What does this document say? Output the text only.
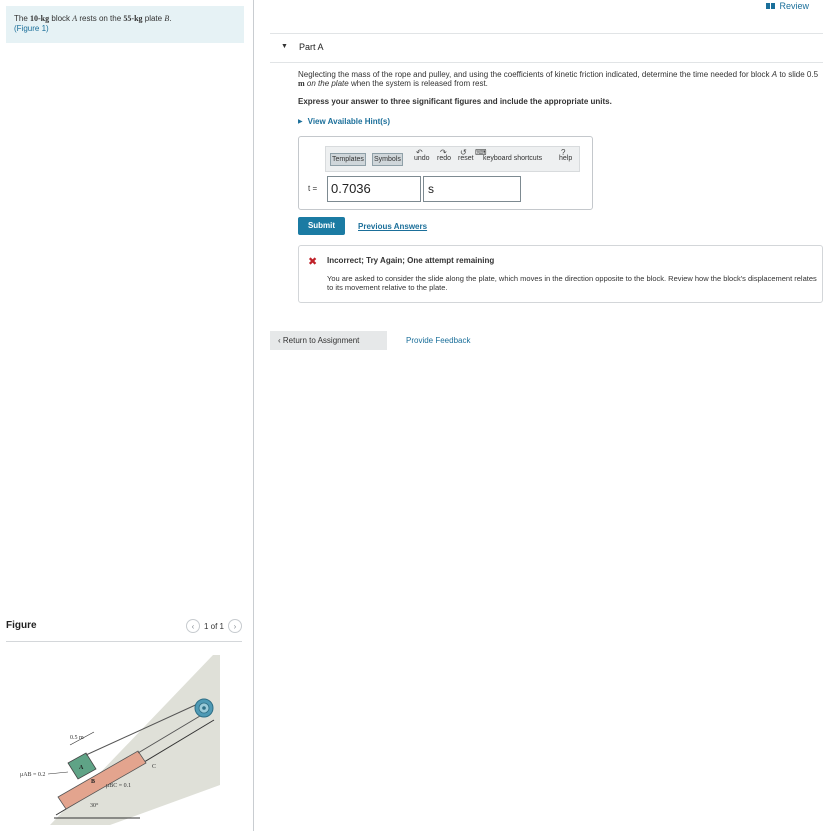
The 10-kg block A rests on the 55-kg plate B.
(Figure 1)
Figure	‹	1 of 1	›
0.5 m
μAB = 0.2
μBC = 0.1
A
B
C
30°
Review
▼ Part A
Neglecting the mass of the rope and pulley, and using the coefficients of kinetic friction indicated, determine the time needed for block A to slide 0.5 m on the plate when the system is released from rest.
Express your answer to three significant figures and include the appropriate units.
▶ View Available Hint(s)
Templates Symbols
↶
undo
↷
redo
↺
reset
⌨
keyboard shortcuts
?
help
t =	0.7036	s
Submit	Previous Answers
✖ Incorrect; Try Again; One attempt remaining
You are asked to consider the slide along the plate, which moves in the direction opposite to the block. Review how the block's displacement relates to its movement relative to the plate.
‹ Return to Assignment	Provide Feedback
